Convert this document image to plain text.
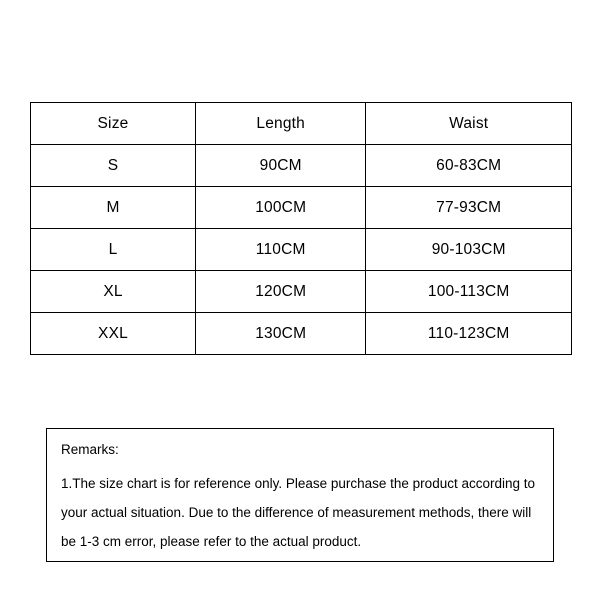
Size	Length	Waist
S	90CM	60-83CM
M	100CM	77-93CM
L	110CM	90-103CM
XL	120CM	100-113CM
XXL	130CM	110-123CM
Remarks:
1.The size chart is for reference only. Please purchase the product according to your actual situation. Due to the difference of measurement methods, there will be 1-3 cm error, please refer to the actual product.
